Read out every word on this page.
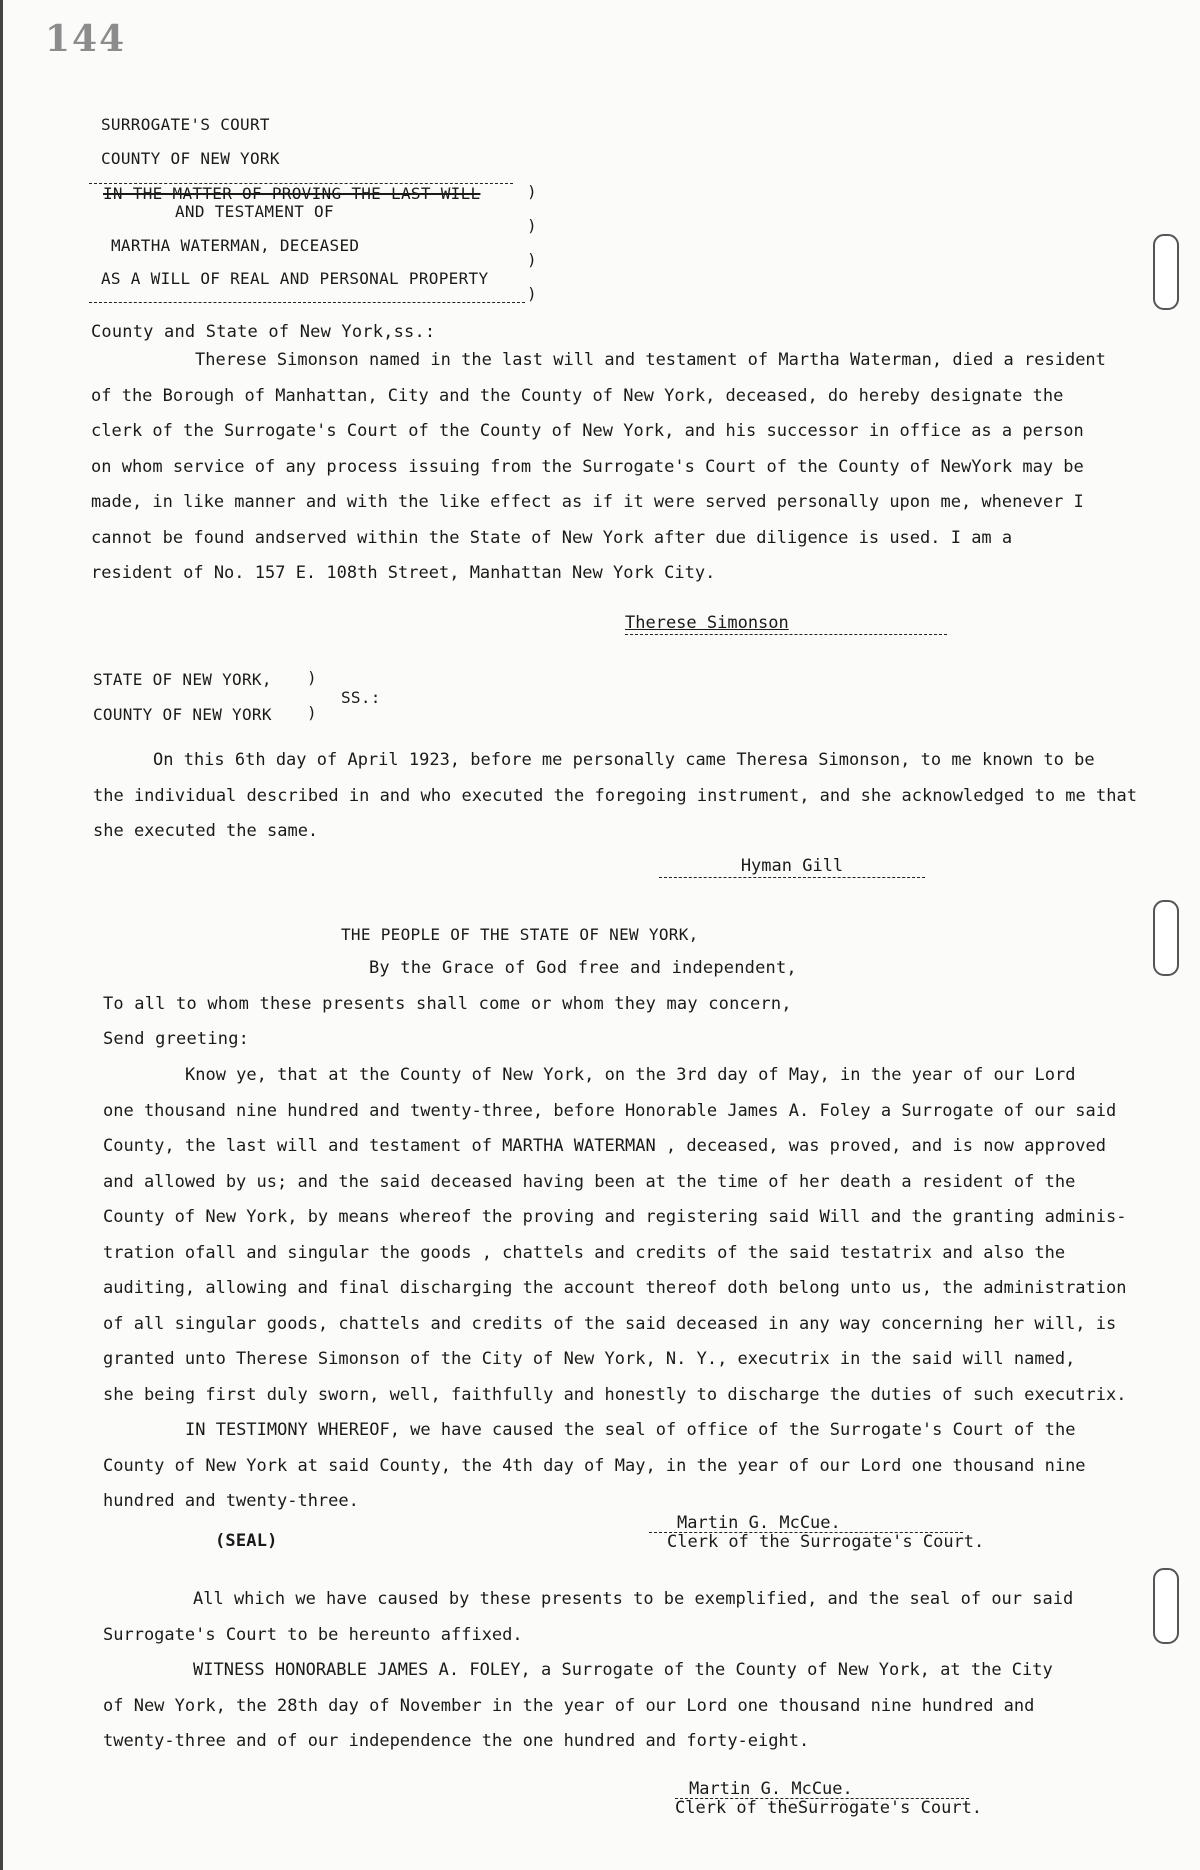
144
SURROGATE'S COURT
COUNTY OF NEW YORK
IN THE MATTER OF PROVING THE LAST WILL
AND TESTAMENT OF
MARTHA WATERMAN, DECEASED
AS A WILL OF REAL AND PERSONAL PROPERTY
)
)
)
)
County and State of New York,ss.:
Therese Simonson named in the last will and testament of Martha Waterman, died a resident
of the Borough of Manhattan, City and the County of New York, deceased, do hereby designate the
clerk of the Surrogate's Court of the County of New York, and his successor in office as a person
on whom service of any process issuing from the Surrogate's Court of the County of NewYork may be
made, in like manner and with the like effect as if it were served personally upon me, whenever I
cannot be found andserved within the State of New York after due diligence is used. I am a
resident of No. 157 E. 108th Street, Manhattan New York City.
Therese Simonson
STATE OF NEW YORK,
COUNTY OF NEW YORK
)
)
SS.:
On this 6th day of April 1923, before me personally came Theresa Simonson, to me known to be
the individual described in and who executed the foregoing instrument, and she acknowledged to me that
she executed the same.
Hyman Gill
THE PEOPLE OF THE STATE OF NEW YORK,
By the Grace of God free and independent,
To all to whom these presents shall come or whom they may concern,
Send greeting:
Know ye, that at the County of New York, on the 3rd day of May, in the year of our Lord
one thousand nine hundred and twenty-three, before Honorable James A. Foley a Surrogate of our said
County, the last will and testament of MARTHA WATERMAN , deceased, was proved, and is now approved
and allowed by us; and the said deceased having been at the time of her death a resident of the
County of New York, by means whereof the proving and registering said Will and the granting adminis-
tration ofall and singular the goods , chattels and credits of the said testatrix and also the
auditing, allowing and final discharging the account thereof doth belong unto us, the administration
of all singular goods, chattels and credits of the said deceased in any way concerning her will, is
granted unto Therese Simonson of the City of New York, N. Y., executrix in the said will named,
she being first duly sworn, well, faithfully and honestly to discharge the duties of such executrix.
IN TESTIMONY WHEREOF, we have caused the seal of office of the Surrogate's Court of the
County of New York at said County, the 4th day of May, in the year of our Lord one thousand nine
hundred and twenty-three.
(SEAL)
Martin G. McCue.
Clerk of the Surrogate's Court.
All which we have caused by these presents to be exemplified, and the seal of our said
Surrogate's Court to be hereunto affixed.
WITNESS HONORABLE JAMES A. FOLEY, a Surrogate of the County of New York, at the City
of New York, the 28th day of November in the year of our Lord one thousand nine hundred and
twenty-three and of our independence the one hundred and forty-eight.
Martin G. McCue.
Clerk of theSurrogate's Court.
